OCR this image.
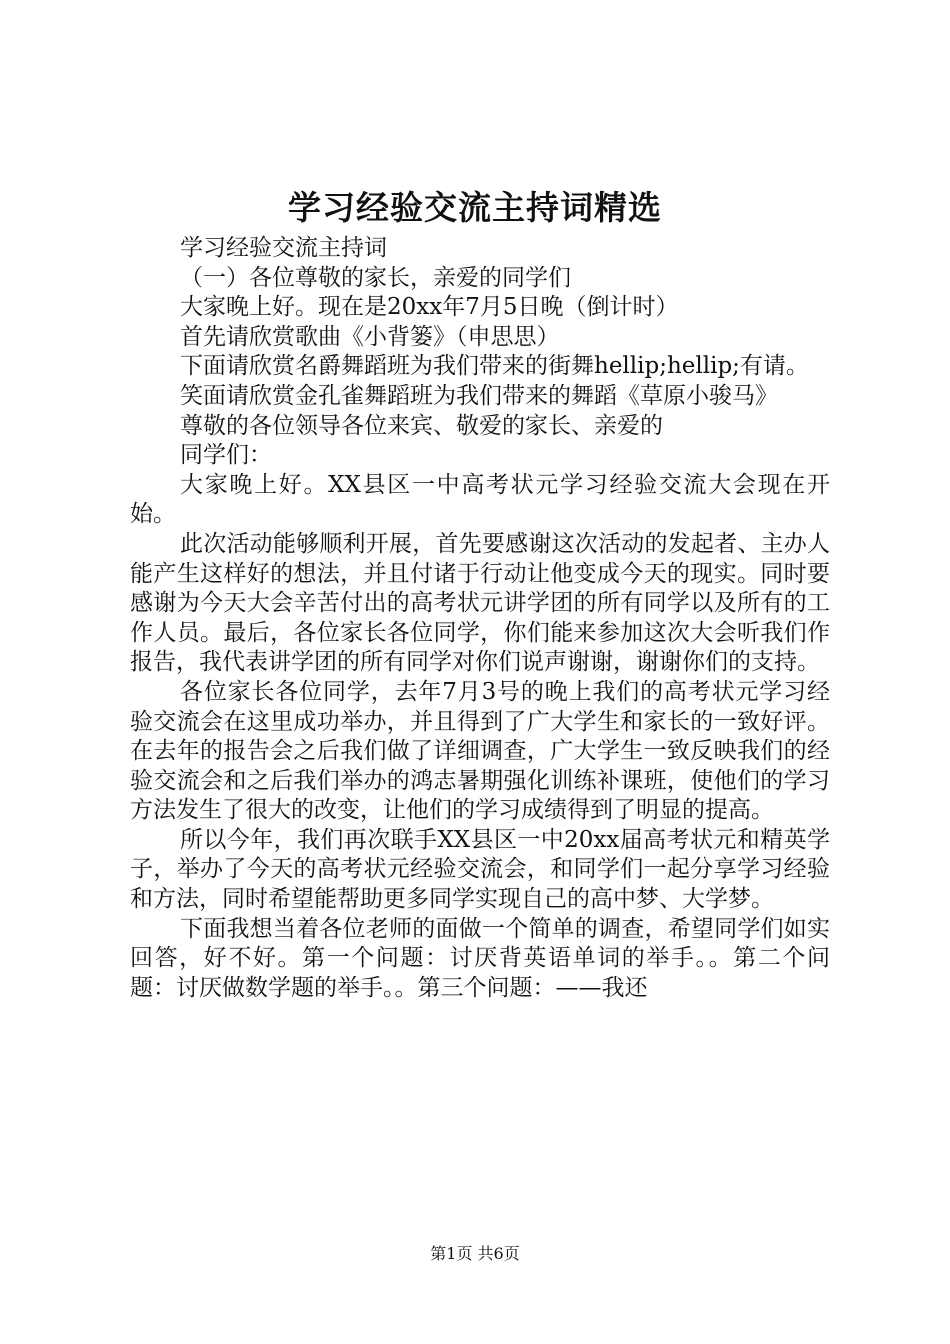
学习经验交流主持词精选

学习经验交流主持词

（一）各位尊敬的家长，亲爱的同学们

大家晚上好。现在是20xx年7月5日晚（倒计时）

首先请欣赏歌曲《小背篓》（申思思）

下面请欣赏名爵舞蹈班为我们带来的街舞hellip;hellip;有请。

笑面请欣赏金孔雀舞蹈班为我们带来的舞蹈《草原小骏马》

尊敬的各位领导各位来宾、敬爱的家长、亲爱的

同学们：

大家晚上好。XX县区一中高考状元学习经验交流大会现在开始。

此次活动能够顺利开展，首先要感谢这次活动的发起者、主办人能产生这样好的想法，并且付诸于行动让他变成今天的现实。同时要感谢为今天大会辛苦付出的高考状元讲学团的所有同学以及所有的工作人员。最后，各位家长各位同学，你们能来参加这次大会听我们作报告，我代表讲学团的所有同学对你们说声谢谢，谢谢你们的支持。

各位家长各位同学，去年7月3号的晚上我们的高考状元学习经验交流会在这里成功举办，并且得到了广大学生和家长的一致好评。在去年的报告会之后我们做了详细调查，广大学生一致反映我们的经验交流会和之后我们举办的鸿志暑期强化训练补课班，使他们的学习方法发生了很大的改变，让他们的学习成绩得到了明显的提高。

所以今年，我们再次联手XX县区一中20xx届高考状元和精英学子，举办了今天的高考状元经验交流会，和同学们一起分享学习经验和方法，同时希望能帮助更多同学实现自己的高中梦、大学梦。

下面我想当着各位老师的面做一个简单的调查，希望同学们如实回答，好不好。第一个问题：讨厌背英语单词的举手。。第二个问题：讨厌做数学题的举手。。第三个问题：——我还

第1页 共6页
